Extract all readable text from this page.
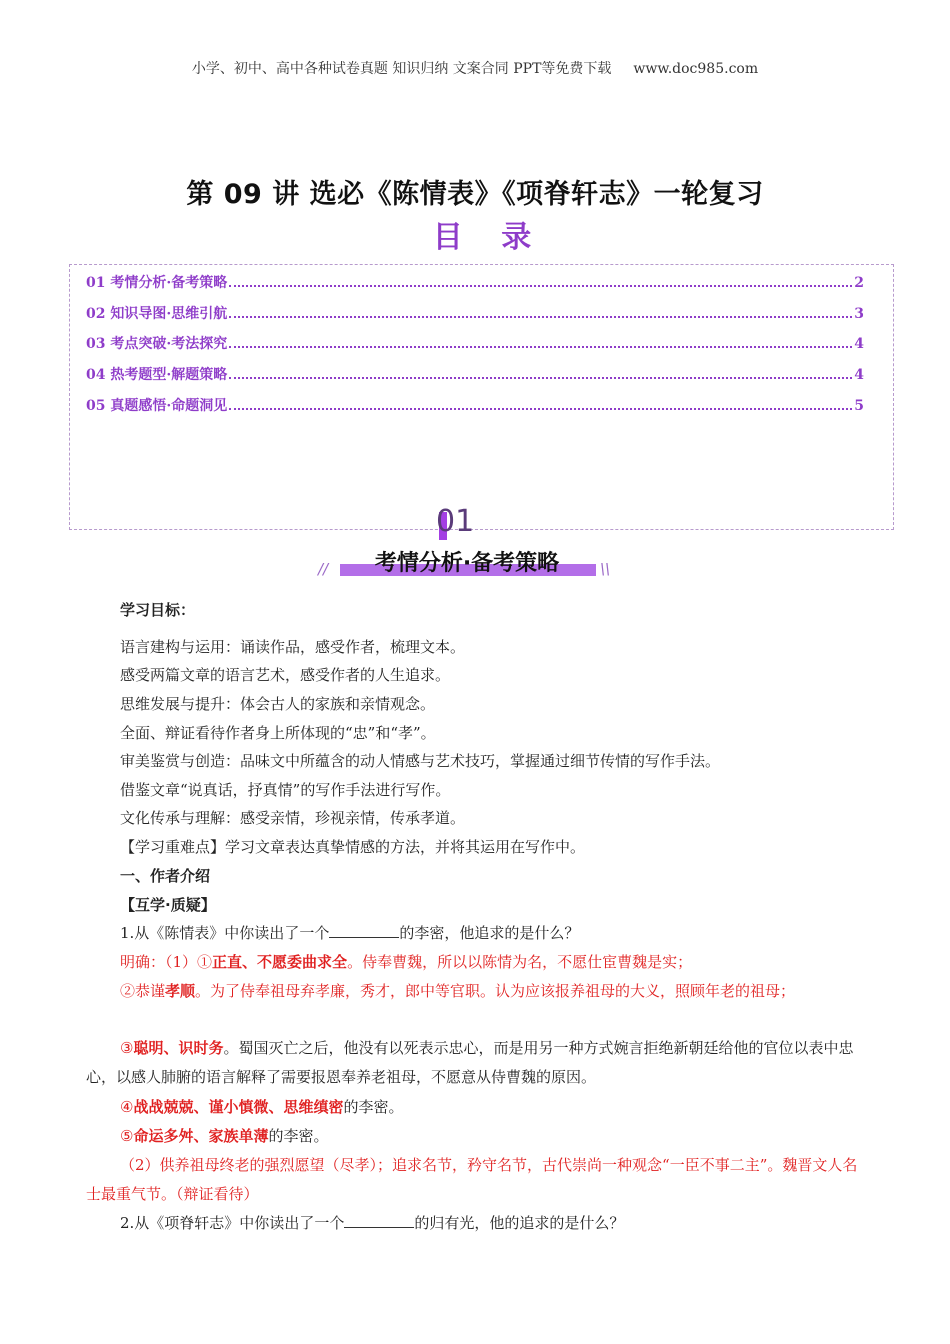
小学、初中、高中各种试卷真题 知识归纳 文案合同 PPT等免费下载 www.doc985.com
第 09 讲 选必《陈情表》《项脊轩志》一轮复习
目 录
01 考情分析·备考策略	2
02 知识导图·思维引航	3
03 考点突破·考法探究	4
04 热考题型·解题策略	4
05 真题感悟·命题洞见	5
01
//	考情分析·备考策略	\\
学习目标：
语言建构与运用：诵读作品，感受作者，梳理文本。
感受两篇文章的语言艺术，感受作者的人生追求。
思维发展与提升：体会古人的家族和亲情观念。
全面、辩证看待作者身上所体现的“忠”和“孝”。
审美鉴赏与创造：品味文中所蕴含的动人情感与艺术技巧，掌握通过细节传情的写作手法。
借鉴文章“说真话，抒真情”的写作手法进行写作。
文化传承与理解：感受亲情，珍视亲情，传承孝道。
【学习重难点】学习文章表达真挚情感的方法，并将其运用在写作中。
一、作者介绍
【互学·质疑】
1.从《陈情表》中你读出了一个	的李密，他追求的是什么？
明确：（1）①正直、不愿委曲求全。侍奉曹魏，所以以陈情为名，不愿仕宦曹魏是实；
②恭谨孝顺。为了侍奉祖母弃孝廉，秀才，郎中等官职。认为应该报养祖母的大义，照顾年老的祖母；
③聪明、识时务。蜀国灭亡之后，他没有以死表示忠心，而是用另一种方式婉言拒绝新朝廷给他的官位以表中忠心，以感人肺腑的语言解释了需要报恩奉养老祖母，不愿意从侍曹魏的原因。
④战战兢兢、谨小慎微、思维缜密的李密。
⑤命运多舛、家族单薄的李密。
（2）供养祖母终老的强烈愿望（尽孝）；追求名节，矜守名节，古代崇尚一种观念“一臣不事二主”。魏晋文人名士最重气节。（辩证看待）
2.从《项脊轩志》中你读出了一个	的归有光，他的追求的是什么？
